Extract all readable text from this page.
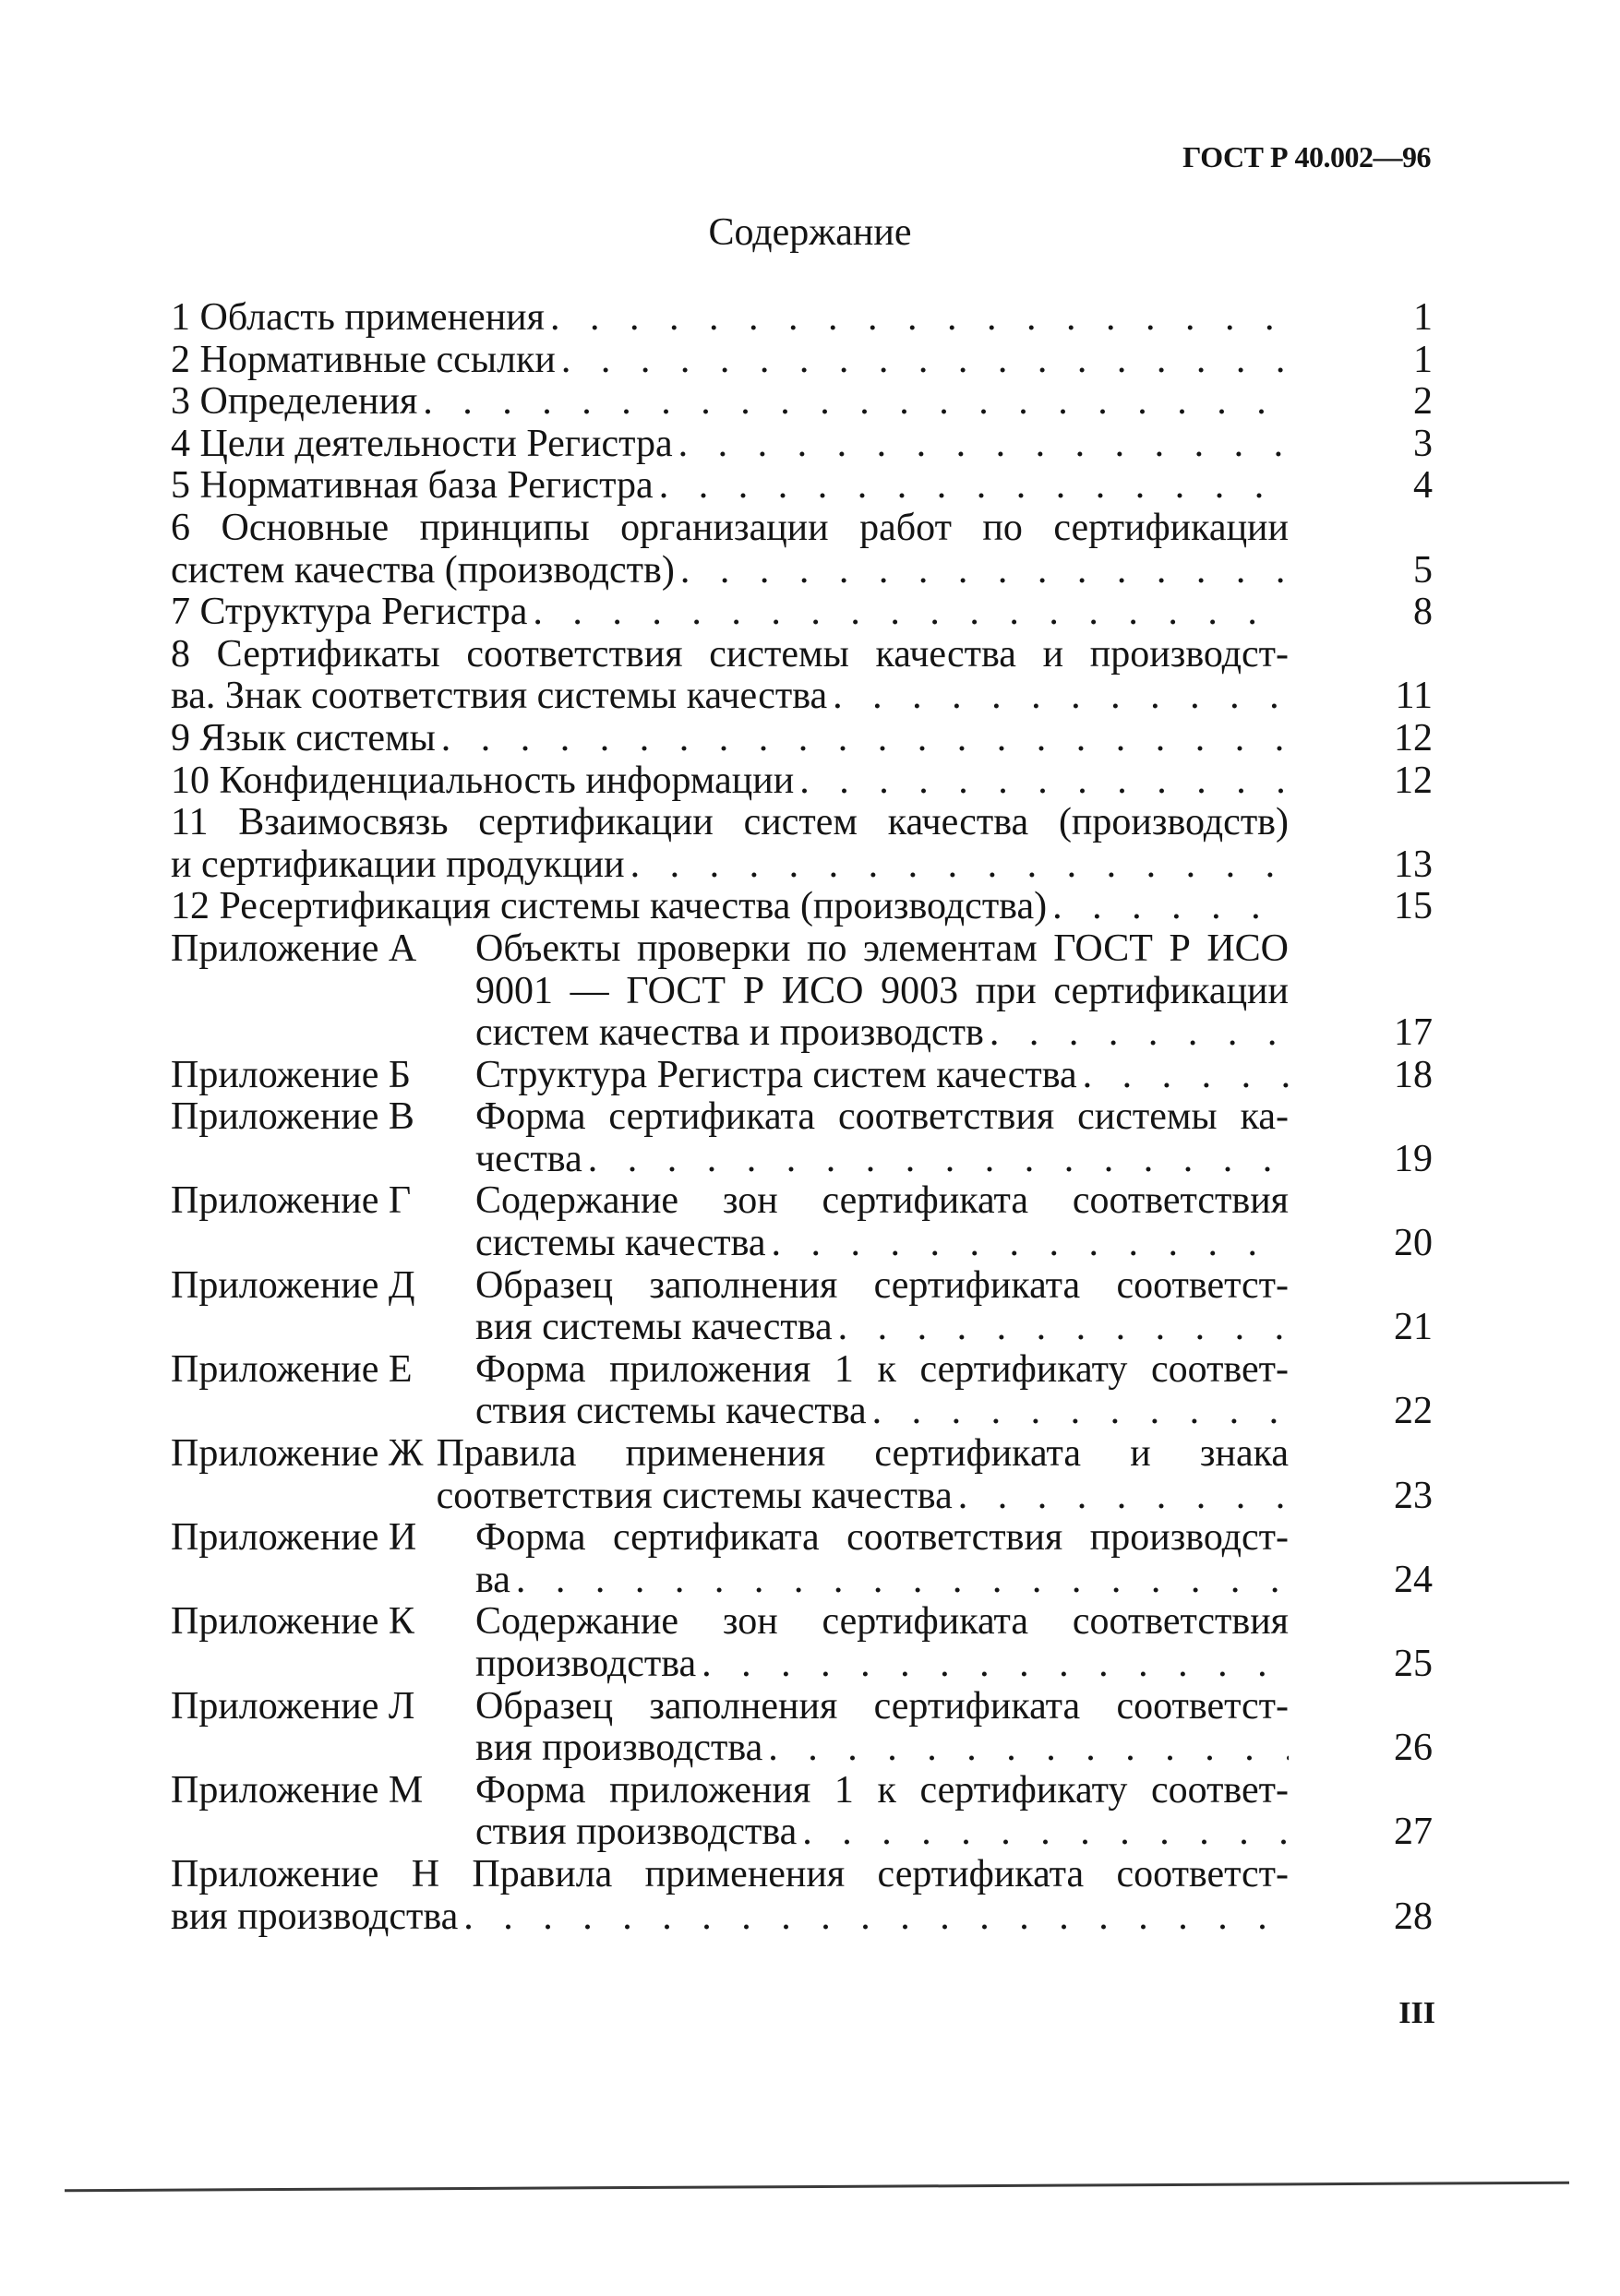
ГОСТ Р 40.002—96
Содержание
1 Область применения . . .	1
2 Нормативные ссылки . . .	1
3 Определения . . .	2
4 Цели деятельности Регистра . . .	3
5 Нормативная база Регистра . . .	4
6 Основные принципы организации работ по сертификации
систем качества (производств) . . .	5
7 Структура Регистра . . .	8
8 Сертификаты соответствия системы качества и производст-
ва. Знак соответствия системы качества . . .	11
9 Язык системы . . .	12
10 Конфиденциальность информации . . .	12
11 Взаимосвязь сертификации систем качества (производств)
и сертификации продукции . . .	13
12 Ресертификация системы качества (производства) . . .	15
Приложение А	Объекты проверки по элементам ГОСТ Р ИСО
9001 — ГОСТ Р ИСО 9003 при сертификации
систем качества и производств . . .	17
Приложение Б	Структура Регистра систем качества . . .	18
Приложение В	Форма сертификата соответствия системы ка-
чества . . .	19
Приложение Г	Содержание зон сертификата соответствия
системы качества . . .	20
Приложение Д	Образец заполнения сертификата соответст-
вия системы качества . . .	21
Приложение Е	Форма приложения 1 к сертификату соответ-
ствия системы качества . . .	22
Приложение Ж Правила применения сертификата и знака
соответствия системы качества . . .	23
Приложение И	Форма сертификата соответствия производст-
ва . . .	24
Приложение К	Содержание зон сертификата соответствия
производства . . .	25
Приложение Л	Образец заполнения сертификата соответст-
вия производства . . .	26
Приложение М	Форма приложения 1 к сертификату соответ-
ствия производства . . .	27
Приложение Н Правила применения сертификата соответст-
вия производства . . .	28
III
